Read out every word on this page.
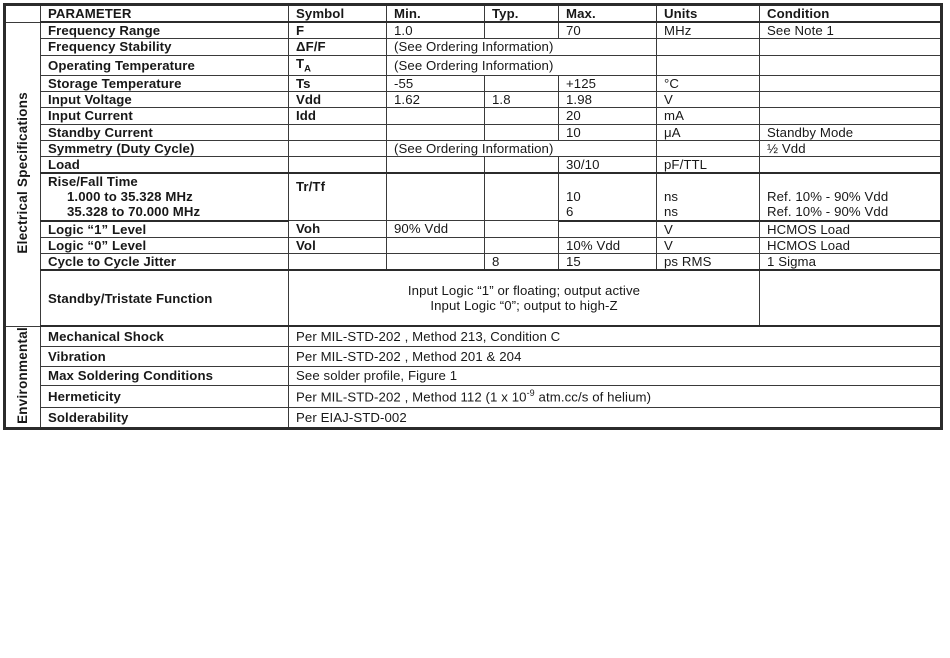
	PARAMETER	Symbol	Min.	Typ.	Max.	Units	Condition
Electrical Specifications	Frequency Range	F	1.0		70	MHz	See Note 1
	Frequency Stability	ΔF/F	(See Ordering Information)				
	Operating Temperature	$T_A$	(See Ordering Information)				
	Storage Temperature	Ts	-55		+125	°C	
	Input Voltage	Vdd	1.62	1.8	1.98	V	
	Input Current	Idd			20	mA	
	Standby Current				10	μA	Standby Mode
	Symmetry (Duty Cycle)		(See Ordering Information)				½ Vdd
	Load				30/10	pF/TTL	
	Rise/Fall Time	Tr/Tf					
	1.000 to 35.328 MHz				10	ns	Ref. 10% - 90% Vdd
	35.328 to 70.000 MHz				6	ns	Ref. 10% - 90% Vdd
	Logic “1” Level	Voh	90% Vdd			V	HCMOS Load
	Logic “0” Level	Vol			10% Vdd	V	HCMOS Load
	Cycle to Cycle Jitter			8	15	ps RMS	1 Sigma
	Standby/Tristate Function	Input Logic “1” or floating; output active
Input Logic “0”; output to high-Z					

Environmental	Mechanical Shock	Per MIL-STD-202 , Method 213, Condition C					
	Vibration	Per MIL-STD-202 , Method 201 & 204					
	Max Soldering Conditions	See solder profile, Figure 1					
	Hermeticity	Per MIL-STD-202 , Method 112 (1 x $10^{-9}$ atm.cc/s of helium)					
	Solderability	Per EIAJ-STD-002					
